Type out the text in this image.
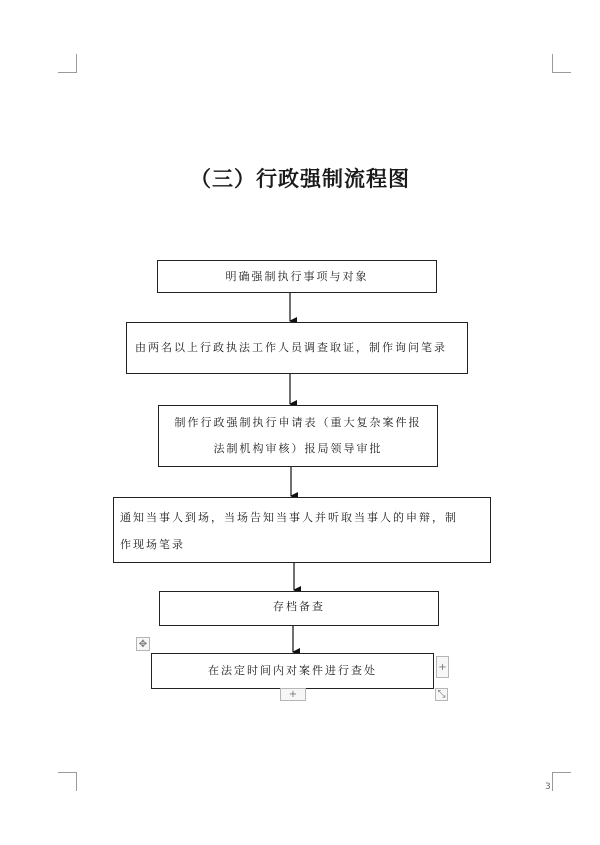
（三）行政强制流程图
明确强制执行事项与对象
由两名以上行政执法工作人员调查取证，制作询问笔录
制作行政强制执行申请表（重大复杂案件报
法制机构审核）报局领导审批
通知当事人到场，当场告知当事人并听取当事人的申辩，制
作现场笔录
存档备查
在法定时间内对案件进行查处
✥
+
+	⤡
3
